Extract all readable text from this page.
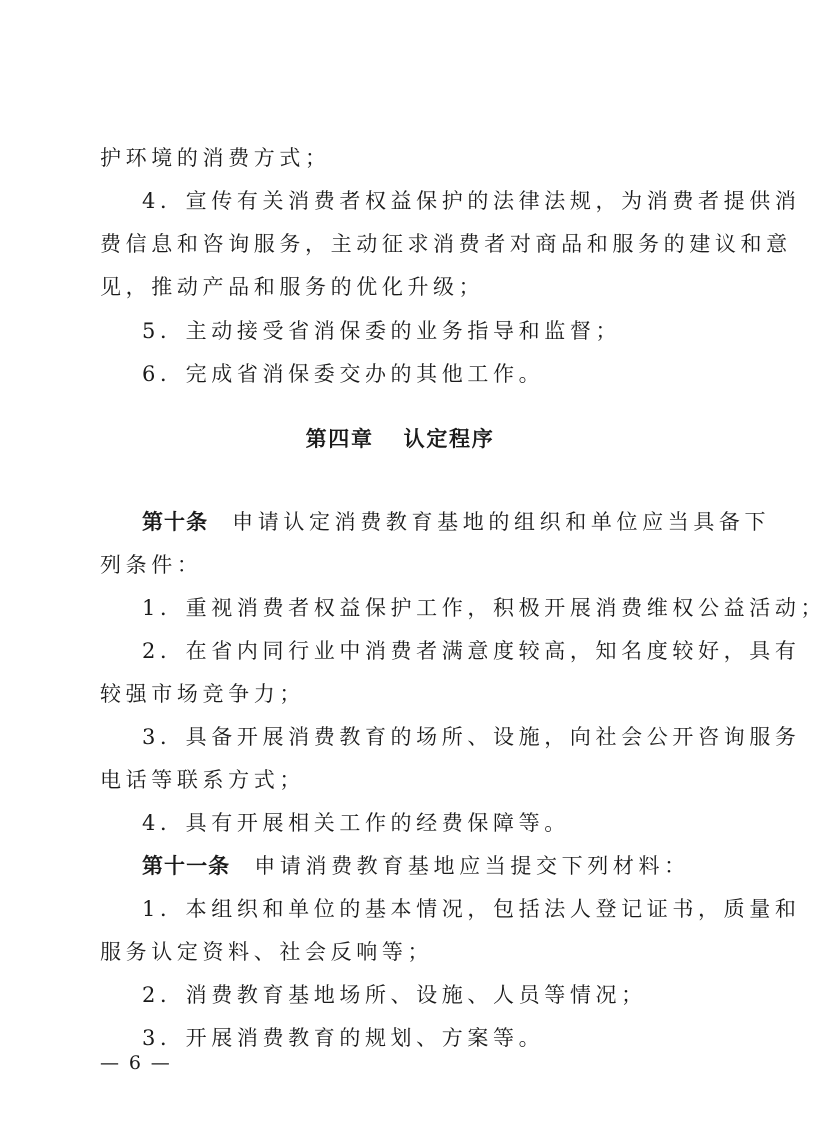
护环境的消费方式；
4．宣传有关消费者权益保护的法律法规，为消费者提供消
费信息和咨询服务，主动征求消费者对商品和服务的建议和意
见，推动产品和服务的优化升级；
5．主动接受省消保委的业务指导和监督；
6．完成省消保委交办的其他工作。
第四章 认定程序
第十条 申请认定消费教育基地的组织和单位应当具备下
列条件：
1．重视消费者权益保护工作，积极开展消费维权公益活动；
2．在省内同行业中消费者满意度较高，知名度较好，具有
较强市场竞争力；
3．具备开展消费教育的场所、设施，向社会公开咨询服务
电话等联系方式；
4．具有开展相关工作的经费保障等。
第十一条 申请消费教育基地应当提交下列材料：
1．本组织和单位的基本情况，包括法人登记证书，质量和
服务认定资料、社会反响等；
2．消费教育基地场所、设施、人员等情况；
3．开展消费教育的规划、方案等。
— 6 —
